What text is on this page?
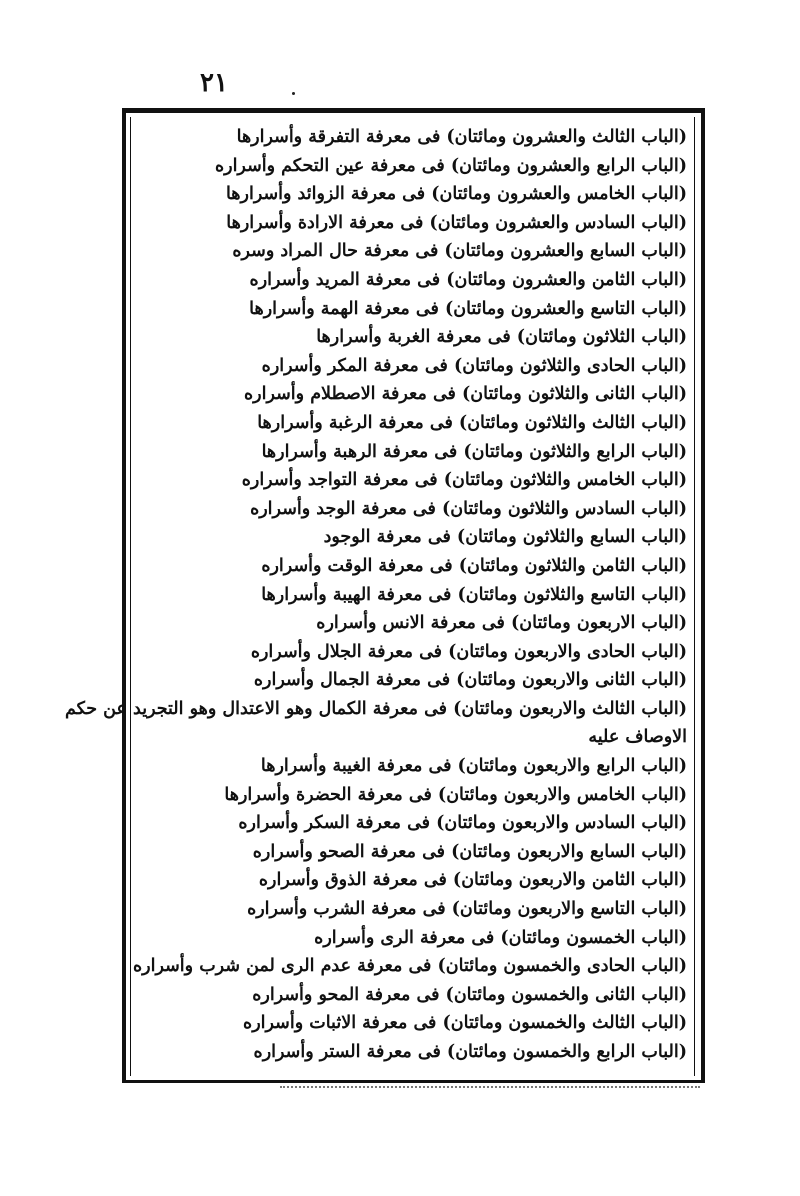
٢١
(الباب الثالث والعشرون ومائتان) فى معرفة التفرقة وأسرارها
(الباب الرابع والعشرون ومائتان) فى معرفة عين التحكم وأسراره
(الباب الخامس والعشرون ومائتان) فى معرفة الزوائد وأسرارها
(الباب السادس والعشرون ومائتان) فى معرفة الارادة وأسرارها
(الباب السابع والعشرون ومائتان) فى معرفة حال المراد وسره
(الباب الثامن والعشرون ومائتان) فى معرفة المريد وأسراره
(الباب التاسع والعشرون ومائتان) فى معرفة الهمة وأسرارها
(الباب الثلاثون ومائتان) فى معرفة الغربة وأسرارها
(الباب الحادى والثلاثون ومائتان) فى معرفة المكر وأسراره
(الباب الثانى والثلاثون ومائتان) فى معرفة الاصطلام وأسراره
(الباب الثالث والثلاثون ومائتان) فى معرفة الرغبة وأسرارها
(الباب الرابع والثلاثون ومائتان) فى معرفة الرهبة وأسرارها
(الباب الخامس والثلاثون ومائتان) فى معرفة التواجد وأسراره
(الباب السادس والثلاثون ومائتان) فى معرفة الوجد وأسراره
(الباب السابع والثلاثون ومائتان) فى معرفة الوجود
(الباب الثامن والثلاثون ومائتان) فى معرفة الوقت وأسراره
(الباب التاسع والثلاثون ومائتان) فى معرفة الهيبة وأسرارها
(الباب الاربعون ومائتان) فى معرفة الانس وأسراره
(الباب الحادى والاربعون ومائتان) فى معرفة الجلال وأسراره
(الباب الثانى والاربعون ومائتان) فى معرفة الجمال وأسراره
(الباب الثالث والاربعون ومائتان) فى معرفة الكمال وهو الاعتدال وهو التجريد عن حكم
الاوصاف عليه
(الباب الرابع والاربعون ومائتان) فى معرفة الغيبة وأسرارها
(الباب الخامس والاربعون ومائتان) فى معرفة الحضرة وأسرارها
(الباب السادس والاربعون ومائتان) فى معرفة السكر وأسراره
(الباب السابع والاربعون ومائتان) فى معرفة الصحو وأسراره
(الباب الثامن والاربعون ومائتان) فى معرفة الذوق وأسراره
(الباب التاسع والاربعون ومائتان) فى معرفة الشرب وأسراره
(الباب الخمسون ومائتان) فى معرفة الرى وأسراره
(الباب الحادى والخمسون ومائتان) فى معرفة عدم الرى لمن شرب وأسراره
(الباب الثانى والخمسون ومائتان) فى معرفة المحو وأسراره
(الباب الثالث والخمسون ومائتان) فى معرفة الاثبات وأسراره
(الباب الرابع والخمسون ومائتان) فى معرفة الستر وأسراره
